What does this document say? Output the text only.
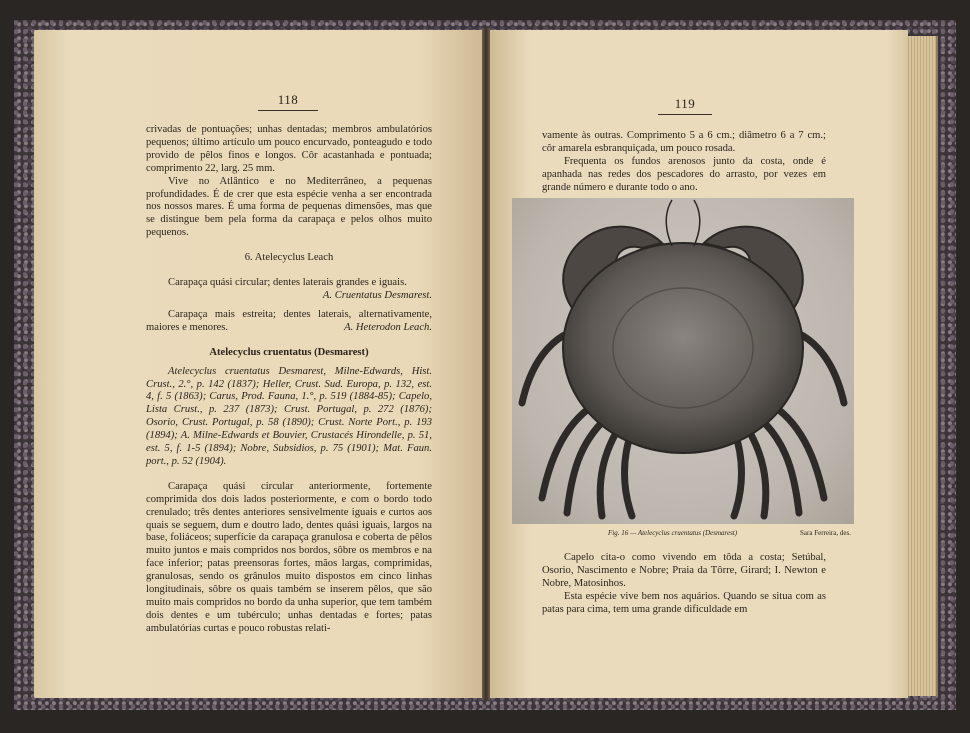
118

crivadas de pontuações; unhas dentadas; membros ambulatórios pequenos; último artículo um pouco encurvado, ponteagudo e todo provido de pêlos finos e longos. Côr acastanhada e pontuada; comprimento 22, larg. 25 mm.

Vive no Atlântico e no Mediterrâneo, a pequenas profundidades. É de crer que esta espécie venha a ser encontrada nos nossos mares. É uma forma de pequenas dimensões, mas que se distingue bem pela forma da carapaça e pelos olhos muito pequenos.

6. Atelecyclus Leach

Carapaça quási circular; dentes laterais grandes e iguais.

A. Cruentatus Desmarest.

Carapaça mais estreita; dentes laterais, alternativamente, maiores e menores.	A. Heterodon Leach.

Atelecyclus cruentatus (Desmarest)

Atelecyclus cruentatus Desmarest, Milne-Edwards, Hist. Crust., 2.°, p. 142 (1837); Heller, Crust. Sud. Europa, p. 132, est. 4, f. 5 (1863); Carus, Prod. Fauna, 1.°, p. 519 (1884-85); Capelo, Lista Crust., p. 237 (1873); Crust. Portugal, p. 272 (1876); Osorio, Crust. Portugal, p. 58 (1890); Crust. Norte Port., p. 193 (1894); A. Milne-Edwards et Bouvier, Crustacés Hirondelle, p. 51, est. 5, f. 1-5 (1894); Nobre, Subsidios, p. 75 (1901); Mat. Faun. port., p. 52 (1904).

Carapaça quási circular anteriormente, fortemente comprimida dos dois lados posteriormente, e com o bordo todo crenulado; três dentes anteriores sensivelmente iguais e curtos aos quais se seguem, dum e doutro lado, dentes quási iguais, largos na base, foliáceos; superfície da carapaça granulosa e coberta de pêlos muito juntos e mais compridos nos bordos, sôbre os membros e na face inferior; patas preensoras fortes, mãos largas, comprimidas, granulosas, sendo os grânulos muito dispostos em cinco linhas longitudinais, sôbre os quais também se inserem pêlos, que são muito mais compridos no bordo da unha superior, que tem também dois dentes e um tubérculo; unhas dentadas e fortes; patas ambulatórias curtas e pouco robustas relati-

119

vamente às outras. Comprimento 5 a 6 cm.; diâmetro 6 a 7 cm.; côr amarela esbranquiçada, um pouco rosada.

Frequenta os fundos arenosos junto da costa, onde é apanhada nas redes dos pescadores do arrasto, por vezes em grande número e durante todo o ano.

Fig. 16 — Atelecyclus cruentatus (Desmarest)	Sara Ferreira, des.

Capelo cita-o como vivendo em tôda a costa; Setúbal, Osorio, Nascimento e Nobre; Praia da Tôrre, Girard; I. Newton e Nobre, Matosinhos.

Esta espécie vive bem nos aquários. Quando se situa com as patas para cima, tem uma grande dificuldade em
